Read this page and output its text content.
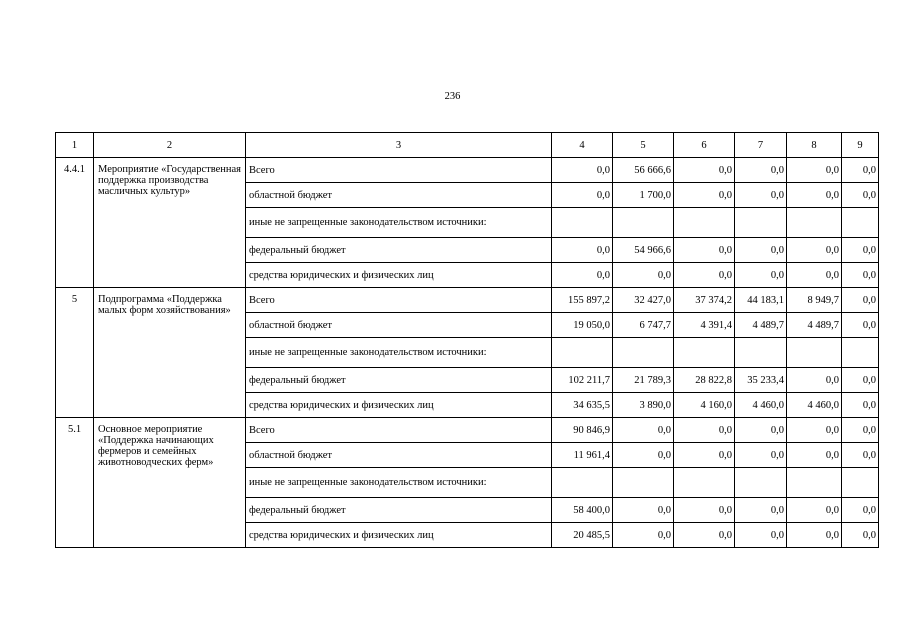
236
1	2	3	4	5	6	7	8	9
4.4.1	Мероприятие «Государственная поддержка производства масличных культур»	Всего	0,0	56 666,6	0,0	0,0	0,0	0,0
		областной бюджет	0,0	1 700,0	0,0	0,0	0,0	0,0
		иные не запрещенные законодательством источники:						
		федеральный бюджет	0,0	54 966,6	0,0	0,0	0,0	0,0
		средства юридических и физических лиц	0,0	0,0	0,0	0,0	0,0	0,0
5	Подпрограмма «Поддержка малых форм хозяйствования»	Всего	155 897,2	32 427,0	37 374,2	44 183,1	8 949,7	0,0
		областной бюджет	19 050,0	6 747,7	4 391,4	4 489,7	4 489,7	0,0
		иные не запрещенные законодательством источники:						
		федеральный бюджет	102 211,7	21 789,3	28 822,8	35 233,4	0,0	0,0
		средства юридических и физических лиц	34 635,5	3 890,0	4 160,0	4 460,0	4 460,0	0,0
5.1	Основное мероприятие «Поддержка начинающих фермеров и семейных животноводческих ферм»	Всего	90 846,9	0,0	0,0	0,0	0,0	0,0
		областной бюджет	11 961,4	0,0	0,0	0,0	0,0	0,0
		иные не запрещенные законодательством источники:						
		федеральный бюджет	58 400,0	0,0	0,0	0,0	0,0	0,0
		средства юридических и физических лиц	20 485,5	0,0	0,0	0,0	0,0	0,0
